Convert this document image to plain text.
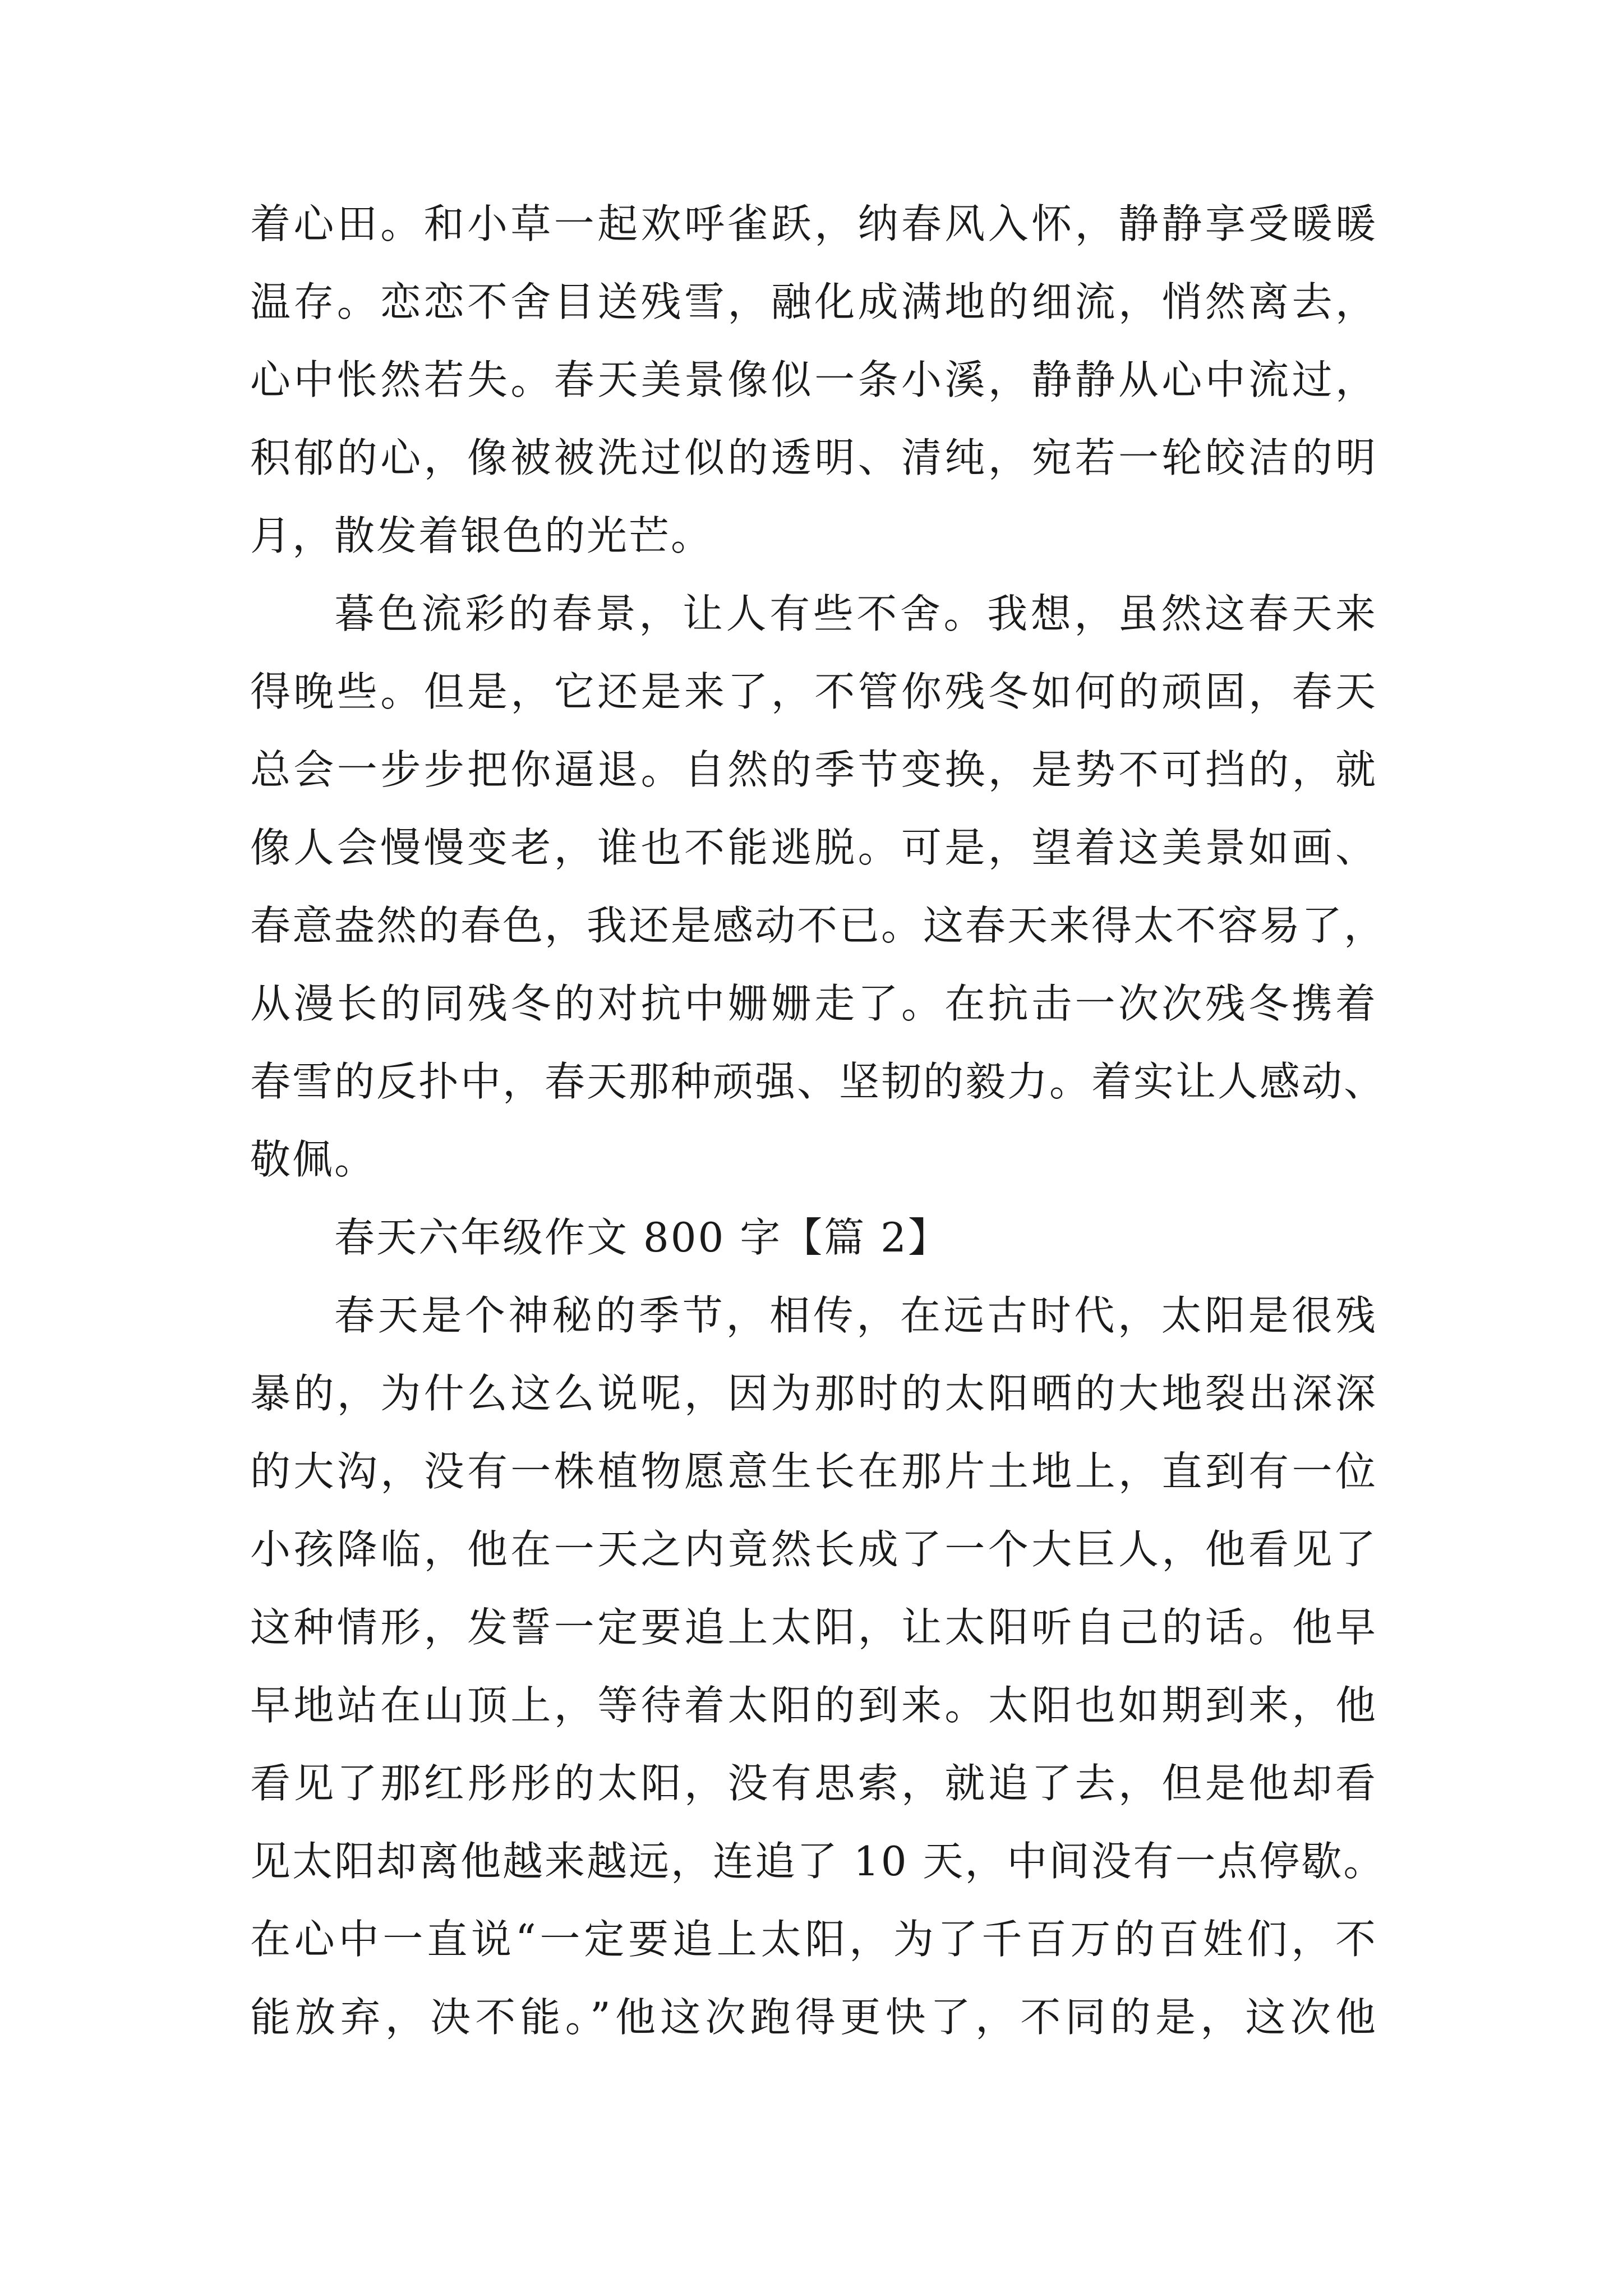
着心田。和小草一起欢呼雀跃，纳春风入怀，静静享受暖暖
温存。恋恋不舍目送残雪，融化成满地的细流，悄然离去，
心中怅然若失。春天美景像似一条小溪，静静从心中流过，
积郁的心，像被被洗过似的透明、清纯，宛若一轮皎洁的明
月，散发着银色的光芒。
暮色流彩的春景，让人有些不舍。我想，虽然这春天来
得晚些。但是，它还是来了，不管你残冬如何的顽固，春天
总会一步步把你逼退。自然的季节变换，是势不可挡的，就
像人会慢慢变老，谁也不能逃脱。可是，望着这美景如画、
春意盎然的春色，我还是感动不已。这春天来得太不容易了，
从漫长的同残冬的对抗中姗姗走了。在抗击一次次残冬携着
春雪的反扑中，春天那种顽强、坚韧的毅力。着实让人感动、
敬佩。
春天六年级作文 800 字【篇 2】
春天是个神秘的季节，相传，在远古时代，太阳是很残
暴的，为什么这么说呢，因为那时的太阳晒的大地裂出深深
的大沟，没有一株植物愿意生长在那片土地上，直到有一位
小孩降临，他在一天之内竟然长成了一个大巨人，他看见了
这种情形，发誓一定要追上太阳，让太阳听自己的话。他早
早地站在山顶上，等待着太阳的到来。太阳也如期到来，他
看见了那红彤彤的太阳，没有思索，就追了去，但是他却看
见太阳却离他越来越远，连追了 10 天，中间没有一点停歇。
在心中一直说“一定要追上太阳，为了千百万的百姓们，不
能放弃，决不能。”他这次跑得更快了，不同的是，这次他
